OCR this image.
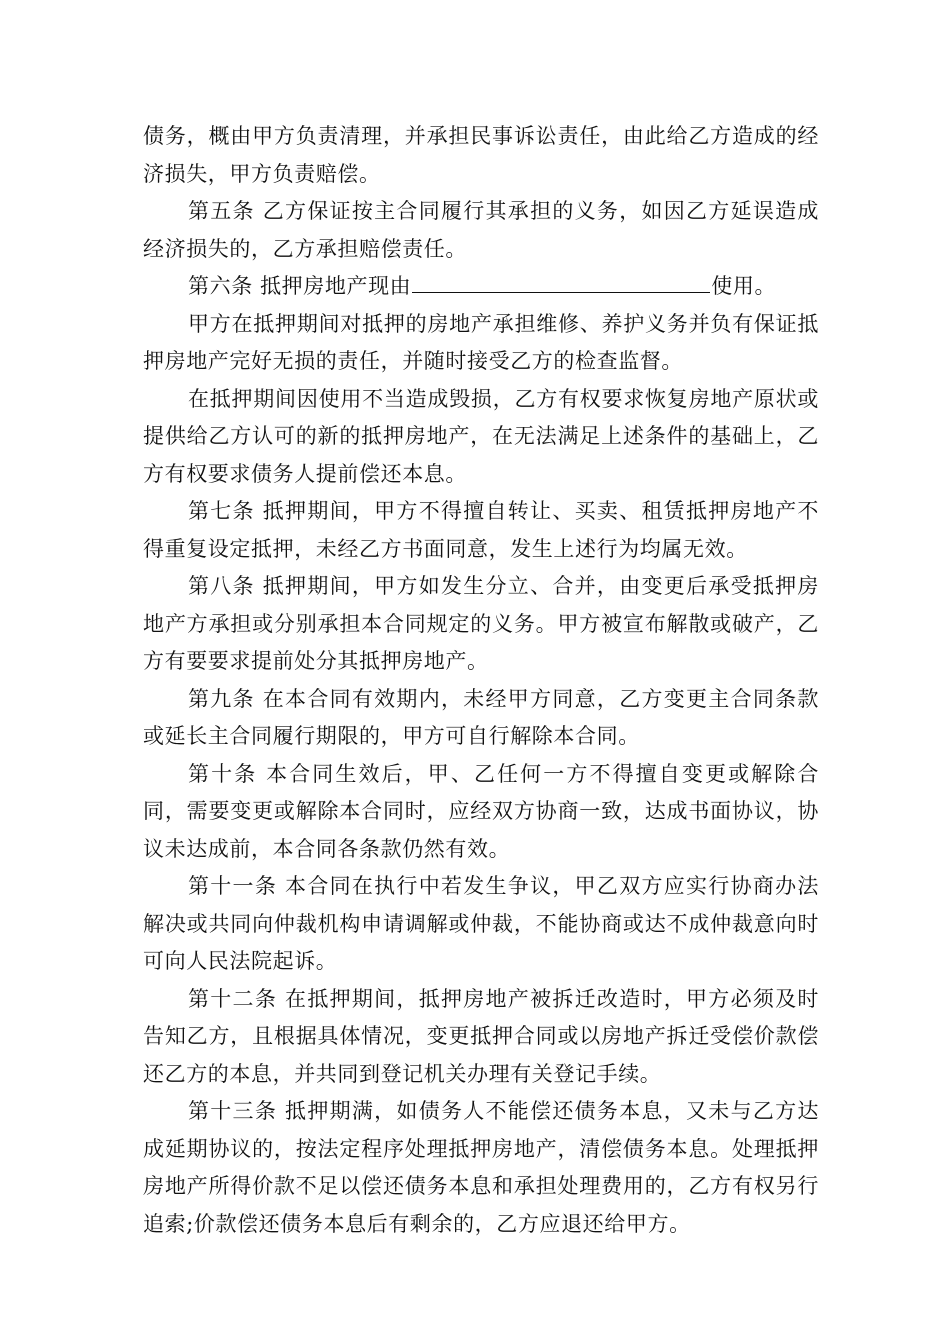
债务，概由甲方负责清理，并承担民事诉讼责任，由此给乙方造成的经济损失，甲方负责赔偿。

第五条 乙方保证按主合同履行其承担的义务，如因乙方延误造成经济损失的，乙方承担赔偿责任。

第六条 抵押房地产现由	使用。

甲方在抵押期间对抵押的房地产承担维修、养护义务并负有保证抵押房地产完好无损的责任，并随时接受乙方的检查监督。

在抵押期间因使用不当造成毁损，乙方有权要求恢复房地产原状或提供给乙方认可的新的抵押房地产，在无法满足上述条件的基础上，乙方有权要求债务人提前偿还本息。

第七条 抵押期间，甲方不得擅自转让、买卖、租赁抵押房地产不得重复设定抵押，未经乙方书面同意，发生上述行为均属无效。

第八条 抵押期间，甲方如发生分立、合并，由变更后承受抵押房地产方承担或分别承担本合同规定的义务。甲方被宣布解散或破产，乙方有要要求提前处分其抵押房地产。

第九条 在本合同有效期内，未经甲方同意，乙方变更主合同条款或延长主合同履行期限的，甲方可自行解除本合同。

第十条 本合同生效后，甲、乙任何一方不得擅自变更或解除合同，需要变更或解除本合同时，应经双方协商一致，达成书面协议，协议未达成前，本合同各条款仍然有效。

第十一条 本合同在执行中若发生争议，甲乙双方应实行协商办法解决或共同向仲裁机构申请调解或仲裁，不能协商或达不成仲裁意向时可向人民法院起诉。

第十二条 在抵押期间，抵押房地产被拆迁改造时，甲方必须及时告知乙方，且根据具体情况，变更抵押合同或以房地产拆迁受偿价款偿还乙方的本息，并共同到登记机关办理有关登记手续。

第十三条 抵押期满，如债务人不能偿还债务本息，又未与乙方达成延期协议的，按法定程序处理抵押房地产，清偿债务本息。处理抵押房地产所得价款不足以偿还债务本息和承担处理费用的，乙方有权另行追索;价款偿还债务本息后有剩余的，乙方应退还给甲方。
